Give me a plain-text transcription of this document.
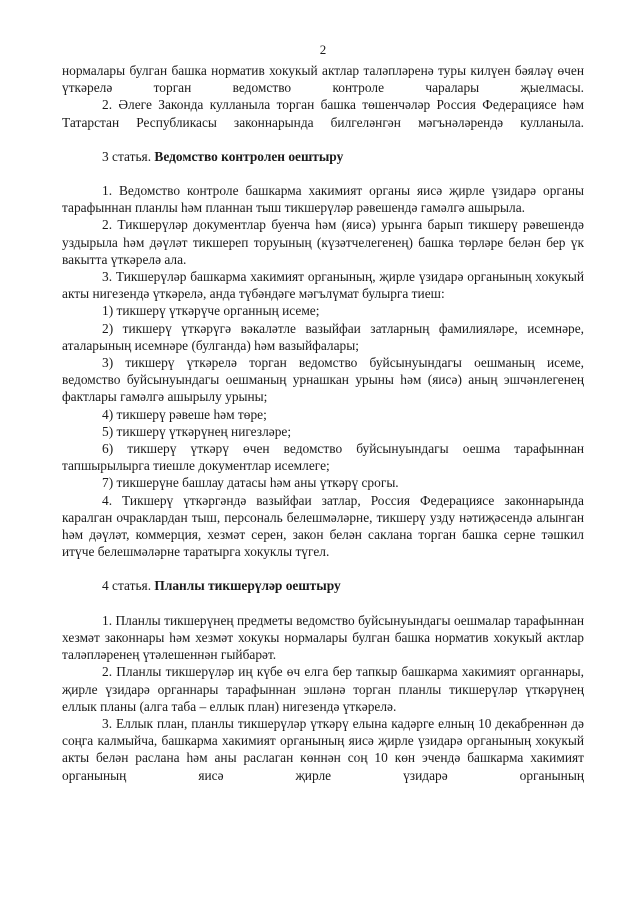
2

нормалары булган башка норматив хокукый актлар таләпләренә туры килүен бәяләү өчен үткәрелә торган ведомство контроле чаралары җыелмасы.

2. Әлеге Законда кулланыла торган башка төшенчәләр Россия Федерациясе һәм Татарстан Республикасы законнарында билгеләнгән мәгънәләрендә кулланыла.

3 статья. Ведомство контролен оештыру

1. Ведомство контроле башкарма хакимият органы яисә җирле үзидарә органы тарафыннан планлы һәм планнан тыш тикшерүләр рәвешендә гамәлгә ашырыла.

2. Тикшерүләр документлар буенча һәм (яисә) урынга барып тикшерү рәвешендә уздырыла һәм дәүләт тикшереп торуының (күзәтчелегенең) башка төрләре белән бер үк вакытта үткәрелә ала.

3. Тикшерүләр башкарма хакимият органының, җирле үзидарә органының хокукый акты нигезендә үткәрелә, анда түбәндәге мәгълүмат булырга тиеш:

1) тикшерү үткәрүче органның исеме;

2) тикшерү үткәрүгә вәкаләтле вазыйфаи затларның фамилияләре, исемнәре, аталарының исемнәре (булганда) һәм вазыйфалары;

3) тикшерү үткәрелә торган ведомство буйсынуындагы оешманың исеме, ведомство буйсынуындагы оешманың урнашкан урыны һәм (яисә) аның эшчәнлегенең фактлары гамәлгә ашырылу урыны;

4) тикшерү рәвеше һәм төре;

5) тикшерү үткәрүнең нигезләре;

6) тикшерү үткәрү өчен ведомство буйсынуындагы оешма тарафыннан тапшырылырга тиешле документлар исемлеге;

7) тикшерүне башлау датасы һәм аны үткәрү срогы.

4. Тикшерү үткәргәндә вазыйфаи затлар, Россия Федерациясе законнарында каралган очраклардан тыш, персональ белешмәләрне, тикшерү узду нәтиҗәсендә алынган һәм дәүләт, коммерция, хезмәт серен, закон белән саклана торган башка серне тәшкил итүче белешмәләрне таратырга хокуклы түгел.

4 статья. Планлы тикшерүләр оештыру

1. Планлы тикшерүнең предметы ведомство буйсынуындагы оешмалар тарафыннан хезмәт законнары һәм хезмәт хокукы нормалары булган башка норматив хокукый актлар таләпләренең үтәлешеннән гыйбарәт.

2. Планлы тикшерүләр иң күбе өч елга бер тапкыр башкарма хакимият органнары, җирле үзидарә органнары тарафыннан эшләнә торган планлы тикшерүләр үткәрүнең еллык планы (алга таба – еллык план) нигезендә үткәрелә.

3. Еллык план, планлы тикшерүләр үткәрү елына кадәрге елның 10 декабреннән дә соңга калмыйча, башкарма хакимият органының яисә җирле үзидарә органының хокукый акты белән раслана һәм аны раслаган көннән соң 10 көн эчендә башкарма хакимият органының яисә җирле үзидарә органының
